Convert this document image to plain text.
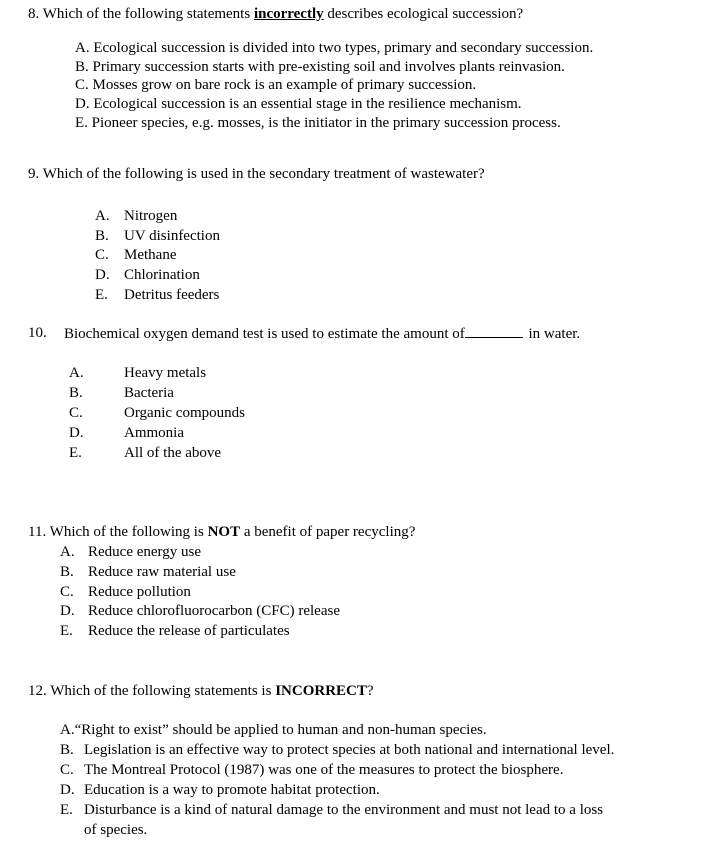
8. Which of the following statements incorrectly describes ecological succession?
A. Ecological succession is divided into two types, primary and secondary succession.
B. Primary succession starts with pre-existing soil and involves plants reinvasion.
C. Mosses grow on bare rock is an example of primary succession.
D. Ecological succession is an essential stage in the resilience mechanism.
E. Pioneer species, e.g. mosses, is the initiator in the primary succession process.
9. Which of the following is used in the secondary treatment of wastewater?
A. Nitrogen
B. UV disinfection
C. Methane
D. Chlorination
E. Detritus feeders
10. Biochemical oxygen demand test is used to estimate the amount of	in water.
A.	Heavy metals
B.	Bacteria
C.	Organic compounds
D.	Ammonia
E.	All of the above
11. Which of the following is NOT a benefit of paper recycling?
A. Reduce energy use
B. Reduce raw material use
C. Reduce pollution
D. Reduce chlorofluorocarbon (CFC) release
E. Reduce the release of particulates
12. Which of the following statements is INCORRECT?
A.“Right to exist” should be applied to human and non-human species.
B. Legislation is an effective way to protect species at both national and international level.
C. The Montreal Protocol (1987) was one of the measures to protect the biosphere.
D. Education is a way to promote habitat protection.
E. Disturbance is a kind of natural damage to the environment and must not lead to a loss
of species.
